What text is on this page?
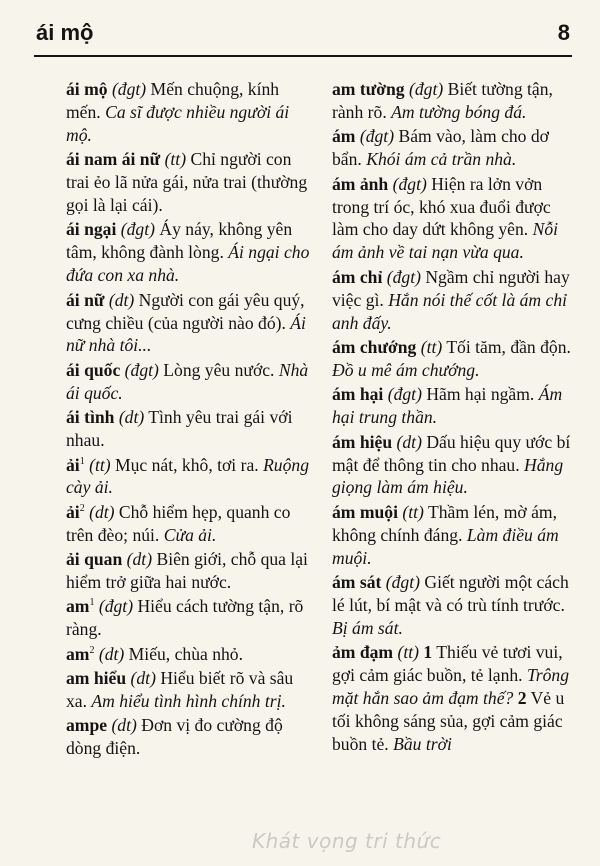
ái mộ	8

ái mộ (đgt) Mến chuộng, kính mến. Ca sĩ được nhiều người ái mộ.

ái nam ái nữ (tt) Chỉ người con trai ẻo lã nửa gái, nửa trai (thường gọi là lại cái).

ái ngại (đgt) Áy náy, không yên tâm, không đành lòng. Ái ngại cho đứa con xa nhà.

ái nữ (dt) Người con gái yêu quý, cưng chiều (của người nào đó). Ái nữ nhà tôi...

ái quốc (đgt) Lòng yêu nước. Nhà ái quốc.

ái tình (dt) Tình yêu trai gái với nhau.

ải$^1$ (tt) Mục nát, khô, tơi ra. Ruộng cày ải.

ải$^2$ (dt) Chỗ hiểm hẹp, quanh co trên đèo; núi. Cửa ải.

ải quan (dt) Biên giới, chỗ qua lại hiểm trở giữa hai nước.

$am^1$ (đgt) Hiểu cách tường tận, rõ ràng.

$am^2$ (dt) Miếu, chùa nhỏ.

am hiểu (dt) Hiểu biết rõ và sâu xa. Am hiểu tình hình chính trị.

ampe (dt) Đơn vị đo cường độ dòng điện.

am tường (đgt) Biết tường tận, rành rõ. Am tường bóng đá.

ám (đgt) Bám vào, làm cho dơ bẩn. Khói ám cả trần nhà.

ám ảnh (đgt) Hiện ra lởn vởn trong trí óc, khó xua đuổi được làm cho day dứt không yên. Nỗi ám ảnh về tai nạn vừa qua.

ám chỉ (đgt) Ngầm chỉ người hay việc gì. Hắn nói thế cốt là ám chỉ anh đấy.

ám chướng (tt) Tối tăm, đần độn. Đồ u mê ám chướng.

ám hại (đgt) Hãm hại ngầm. Ám hại trung thần.

ám hiệu (dt) Dấu hiệu quy ước bí mật để thông tin cho nhau. Hắng giọng làm ám hiệu.

ám muội (tt) Thầm lén, mờ ám, không chính đáng. Làm điều ám muội.

ám sát (đgt) Giết người một cách lé lút, bí mật và có trù tính trước. Bị ám sát.

ảm đạm (tt) 1 Thiếu vẻ tươi vui, gợi cảm giác buồn, tẻ lạnh. Trông mặt hắn sao ảm đạm thế? 2 Vẻ u tối không sáng sủa, gợi cảm giác buồn tẻ. Bầu trời

Khát vọng tri thức
